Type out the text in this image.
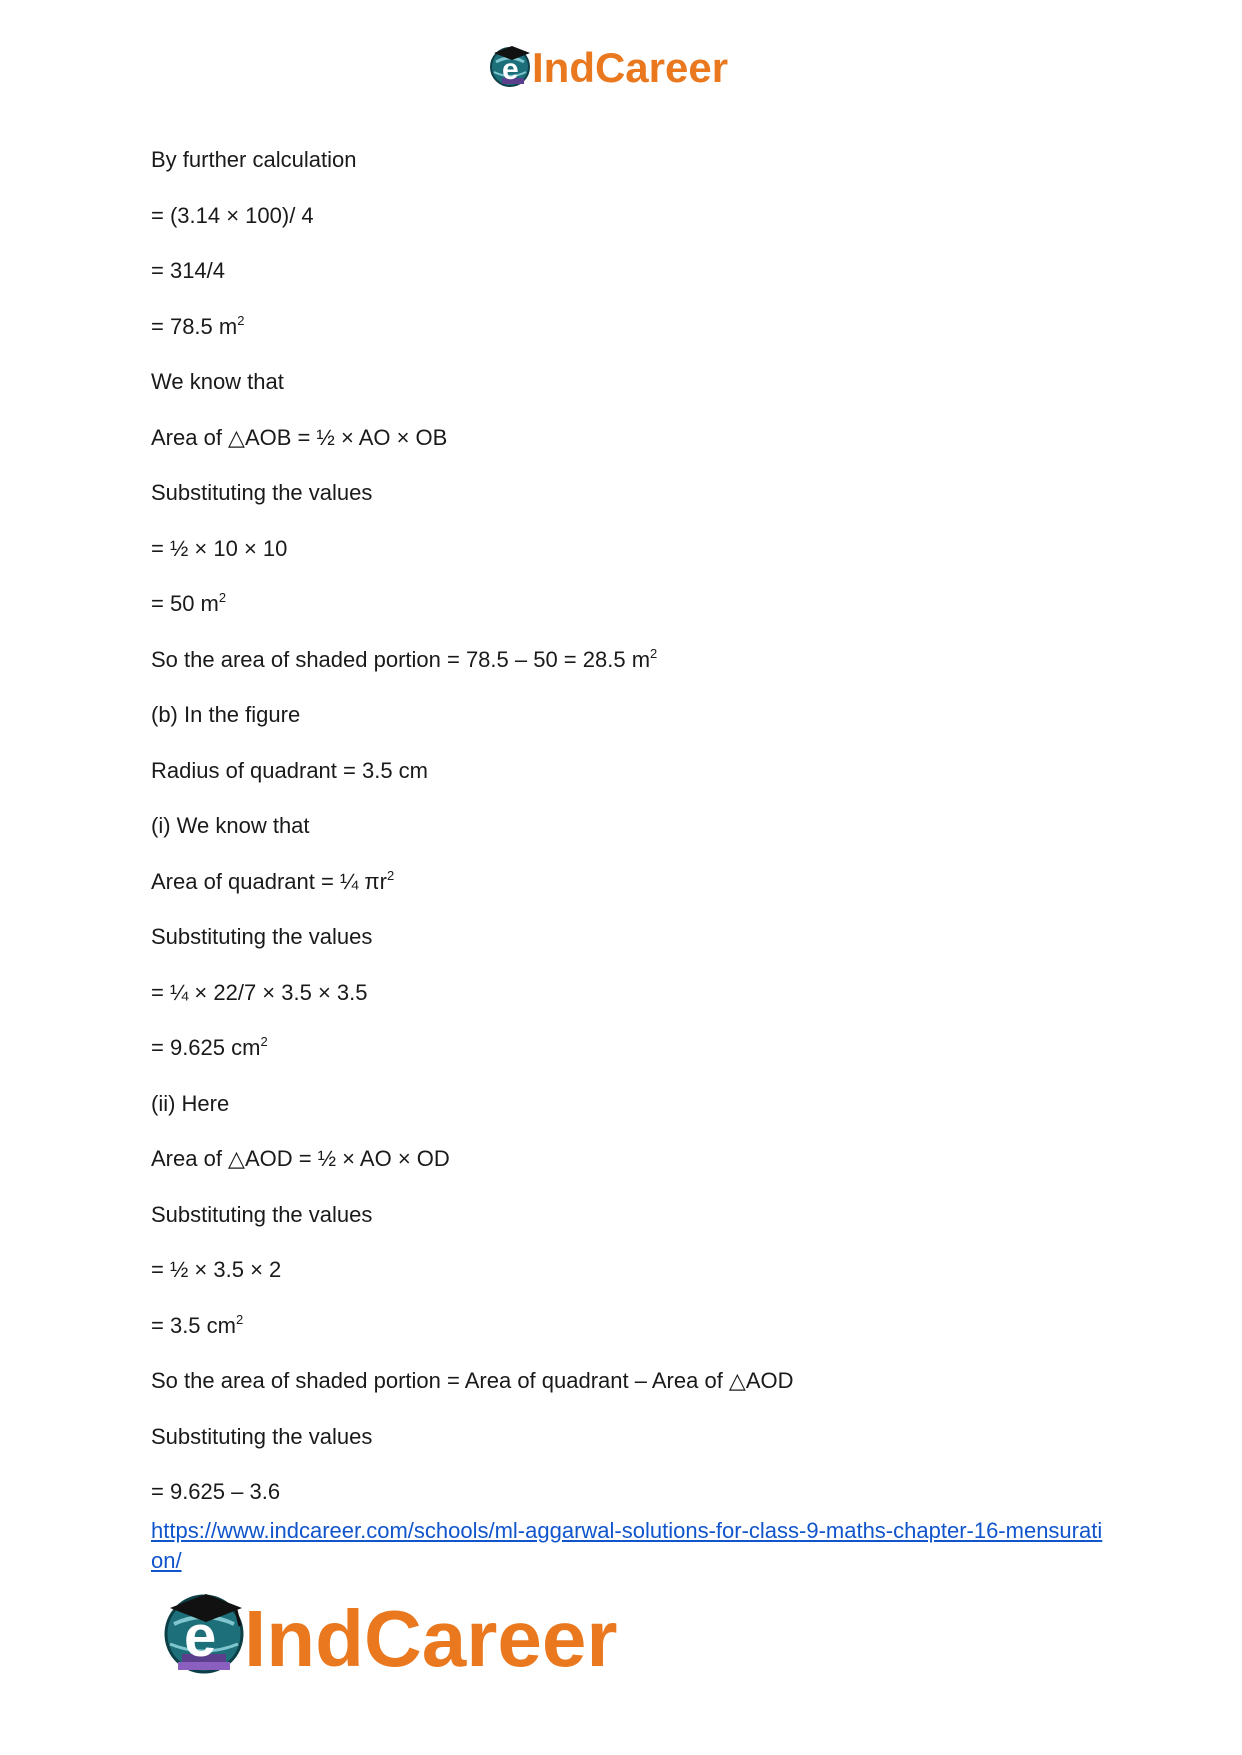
e IndCareer
By further calculation
= (3.14 × 100)/ 4
= 314/4
= 78.5 $m^2$
We know that
Area of △AOB = ½ × AO × OB
Substituting the values
= ½ × 10 × 10
= 50 $m^2$
So the area of shaded portion = 78.5 – 50 = 28.5 $m^2$
(b) In the figure
Radius of quadrant = 3.5 cm
(i) We know that
Area of quadrant = ¼ $\pi r^2$
Substituting the values
= ¼ × 22/7 × 3.5 × 3.5
= 9.625 $cm^2$
(ii) Here
Area of △AOD = ½ × AO × OD
Substituting the values
= ½ × 3.5 × 2
= 3.5 $cm^2$
So the area of shaded portion = Area of quadrant – Area of △AOD
Substituting the values
= 9.625 – 3.6
https://www.indcareer.com/schools/ml-aggarwal-solutions-for-class-9-maths-chapter-16-mensuration/
e IndCareer
